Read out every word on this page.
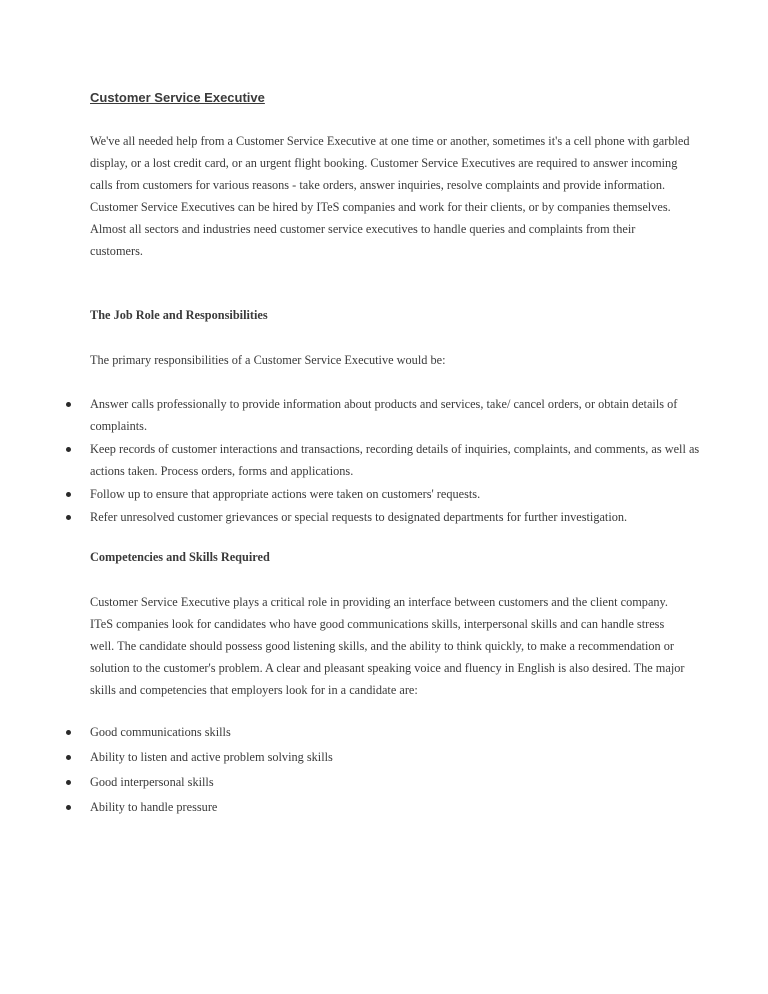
Customer Service Executive

We've all needed help from a Customer Service Executive at one time or another, sometimes it's a cell phone with garbled display, or a lost credit card, or an urgent flight booking. Customer Service Executives are required to answer incoming calls from customers for various reasons - take orders, answer inquiries, resolve complaints and provide information.

Customer Service Executives can be hired by ITeS companies and work for their clients, or by companies themselves. Almost all sectors and industries need customer service executives to handle queries and complaints from their customers.

The Job Role and Responsibilities

The primary responsibilities of a Customer Service Executive would be:

Answer calls professionally to provide information about products and services, take/ cancel orders, or obtain details of complaints.
Keep records of customer interactions and transactions, recording details of inquiries, complaints, and comments, as well as actions taken. Process orders, forms and applications.
Follow up to ensure that appropriate actions were taken on customers' requests.
Refer unresolved customer grievances or special requests to designated departments for further investigation.
Competencies and Skills Required

Customer Service Executive plays a critical role in providing an interface between customers and the client company. ITeS companies look for candidates who have good communications skills, interpersonal skills and can handle stress well. The candidate should possess good listening skills, and the ability to think quickly, to make a recommendation or solution to the customer's problem. A clear and pleasant speaking voice and fluency in English is also desired. The major skills and competencies that employers look for in a candidate are:

Good communications skills
Ability to listen and active problem solving skills
Good interpersonal skills
Ability to handle pressure
